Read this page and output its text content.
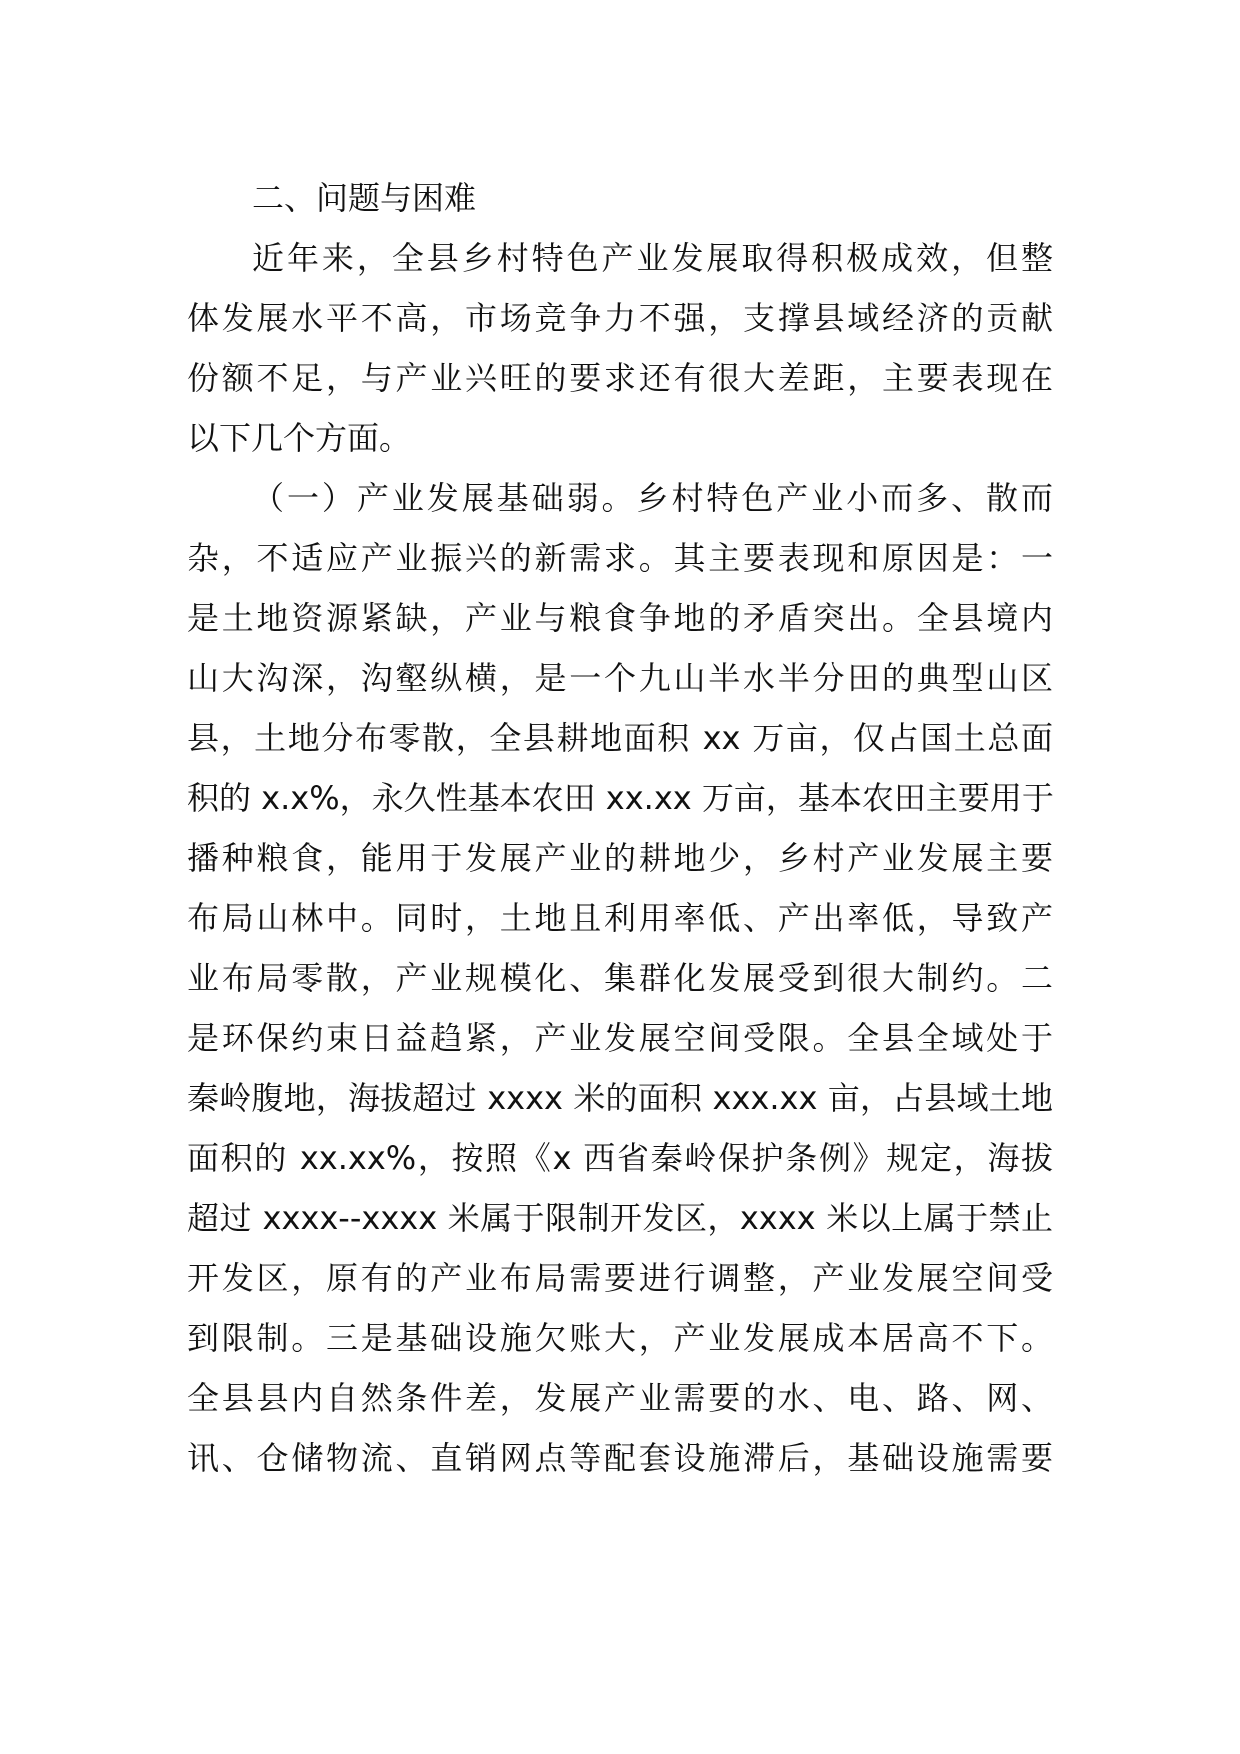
二、问题与困难
近年来，全县乡村特色产业发展取得积极成效，但整
体发展水平不高，市场竞争力不强，支撑县域经济的贡献
份额不足，与产业兴旺的要求还有很大差距，主要表现在
以下几个方面。
（一）产业发展基础弱。乡村特色产业小而多、散而
杂，不适应产业振兴的新需求。其主要表现和原因是：一
是土地资源紧缺，产业与粮食争地的矛盾突出。全县境内
山大沟深，沟壑纵横，是一个九山半水半分田的典型山区
县，土地分布零散，全县耕地面积 xx 万亩，仅占国土总面
积的 x.x%，永久性基本农田 xx.xx 万亩，基本农田主要用于
播种粮食，能用于发展产业的耕地少，乡村产业发展主要
布局山林中。同时，土地且利用率低、产出率低，导致产
业布局零散，产业规模化、集群化发展受到很大制约。二
是环保约束日益趋紧，产业发展空间受限。全县全域处于
秦岭腹地，海拔超过 xxxx 米的面积 xxx.xx 亩，占县域土地
面积的 xx.xx%，按照《x 西省秦岭保护条例》规定，海拔
超过 xxxx--xxxx 米属于限制开发区，xxxx 米以上属于禁止
开发区，原有的产业布局需要进行调整，产业发展空间受
到限制。三是基础设施欠账大，产业发展成本居高不下。
全县县内自然条件差，发展产业需要的水、电、路、网、
讯、仓储物流、直销网点等配套设施滞后，基础设施需要
